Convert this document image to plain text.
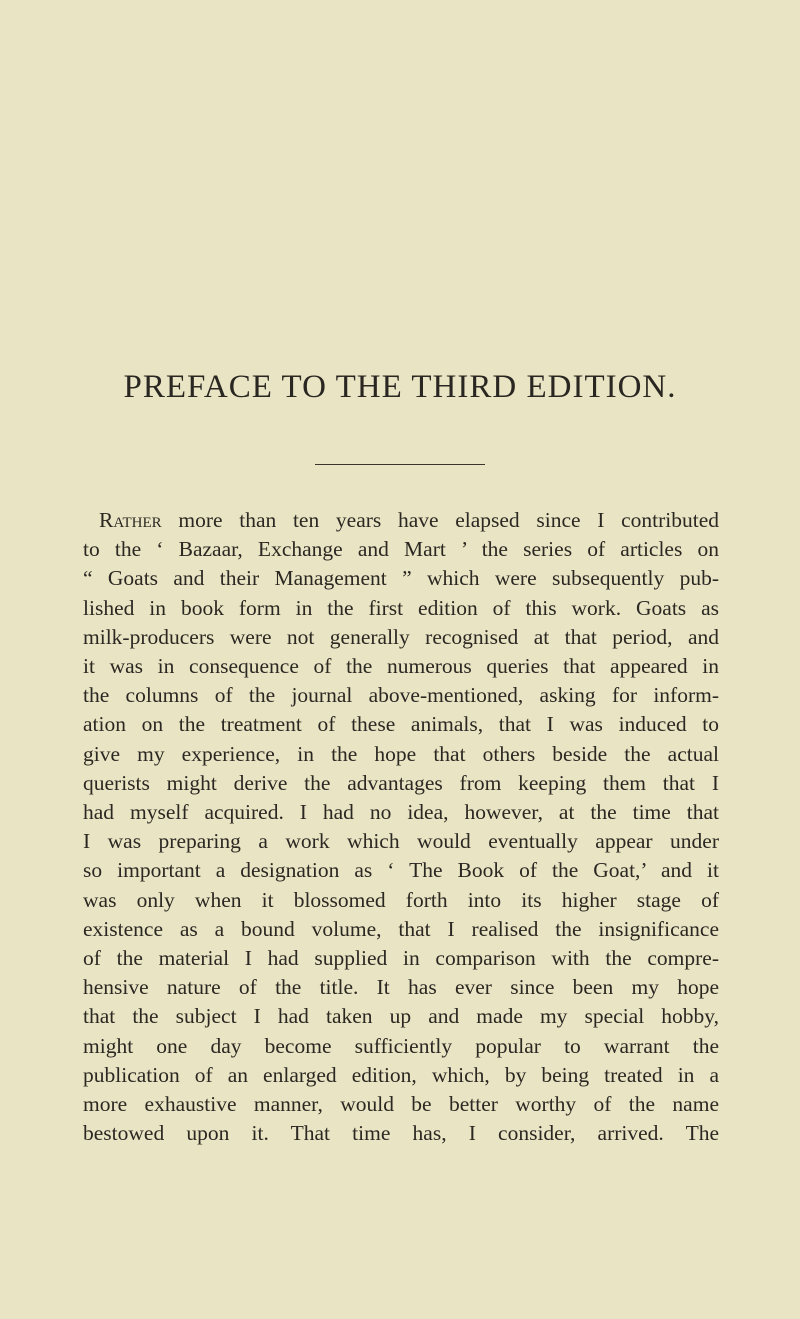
PREFACE TO THE THIRD EDITION.
Rather more than ten years have elapsed since I contributed
to the ‘ Bazaar, Exchange and Mart ’ the series of articles on
“ Goats and their Management ” which were subsequently pub-
lished in book form in the first edition of this work. Goats as
milk-producers were not generally recognised at that period, and
it was in consequence of the numerous queries that appeared in
the columns of the journal above-mentioned, asking for inform-
ation on the treatment of these animals, that I was induced to
give my experience, in the hope that others beside the actual
querists might derive the advantages from keeping them that I
had myself acquired. I had no idea, however, at the time that
I was preparing a work which would eventually appear under
so important a designation as ‘ The Book of the Goat,’ and it
was only when it blossomed forth into its higher stage of
existence as a bound volume, that I realised the insignificance
of the material I had supplied in comparison with the compre-
hensive nature of the title. It has ever since been my hope
that the subject I had taken up and made my special hobby,
might one day become sufficiently popular to warrant the
publication of an enlarged edition, which, by being treated in a
more exhaustive manner, would be better worthy of the name
bestowed upon it. That time has, I consider, arrived. The
